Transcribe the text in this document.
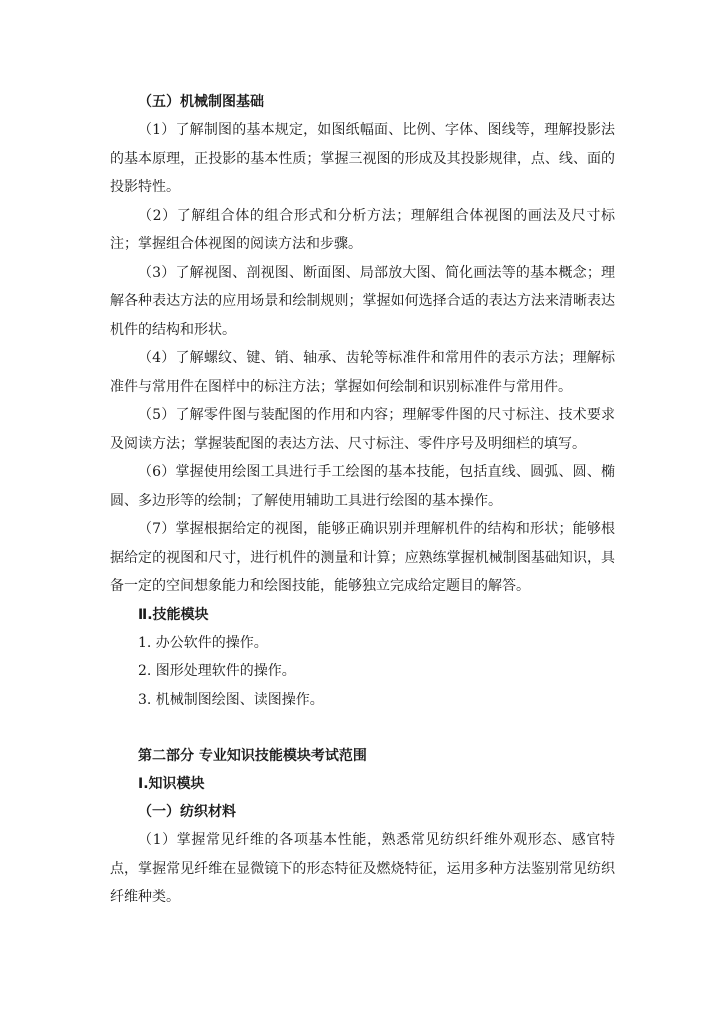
（五）机械制图基础

（1）了解制图的基本规定，如图纸幅面、比例、字体、图线等，理解投影法的基本原理，正投影的基本性质；掌握三视图的形成及其投影规律，点、线、面的投影特性。

（2）了解组合体的组合形式和分析方法；理解组合体视图的画法及尺寸标注；掌握组合体视图的阅读方法和步骤。

（3）了解视图、剖视图、断面图、局部放大图、简化画法等的基本概念；理解各种表达方法的应用场景和绘制规则；掌握如何选择合适的表达方法来清晰表达机件的结构和形状。

（4）了解螺纹、键、销、轴承、齿轮等标准件和常用件的表示方法；理解标准件与常用件在图样中的标注方法；掌握如何绘制和识别标准件与常用件。

（5）了解零件图与装配图的作用和内容；理解零件图的尺寸标注、技术要求及阅读方法；掌握装配图的表达方法、尺寸标注、零件序号及明细栏的填写。

（6）掌握使用绘图工具进行手工绘图的基本技能，包括直线、圆弧、圆、椭圆、多边形等的绘制；了解使用辅助工具进行绘图的基本操作。

（7）掌握根据给定的视图，能够正确识别并理解机件的结构和形状；能够根据给定的视图和尺寸，进行机件的测量和计算；应熟练掌握机械制图基础知识，具备一定的空间想象能力和绘图技能，能够独立完成给定题目的解答。

Ⅱ.技能模块

1. 办公软件的操作。

2. 图形处理软件的操作。

3. 机械制图绘图、读图操作。

第二部分 专业知识技能模块考试范围

Ⅰ.知识模块

（一）纺织材料

（1）掌握常见纤维的各项基本性能，熟悉常见纺织纤维外观形态、感官特点，掌握常见纤维在显微镜下的形态特征及燃烧特征，运用多种方法鉴别常见纺织纤维种类。
